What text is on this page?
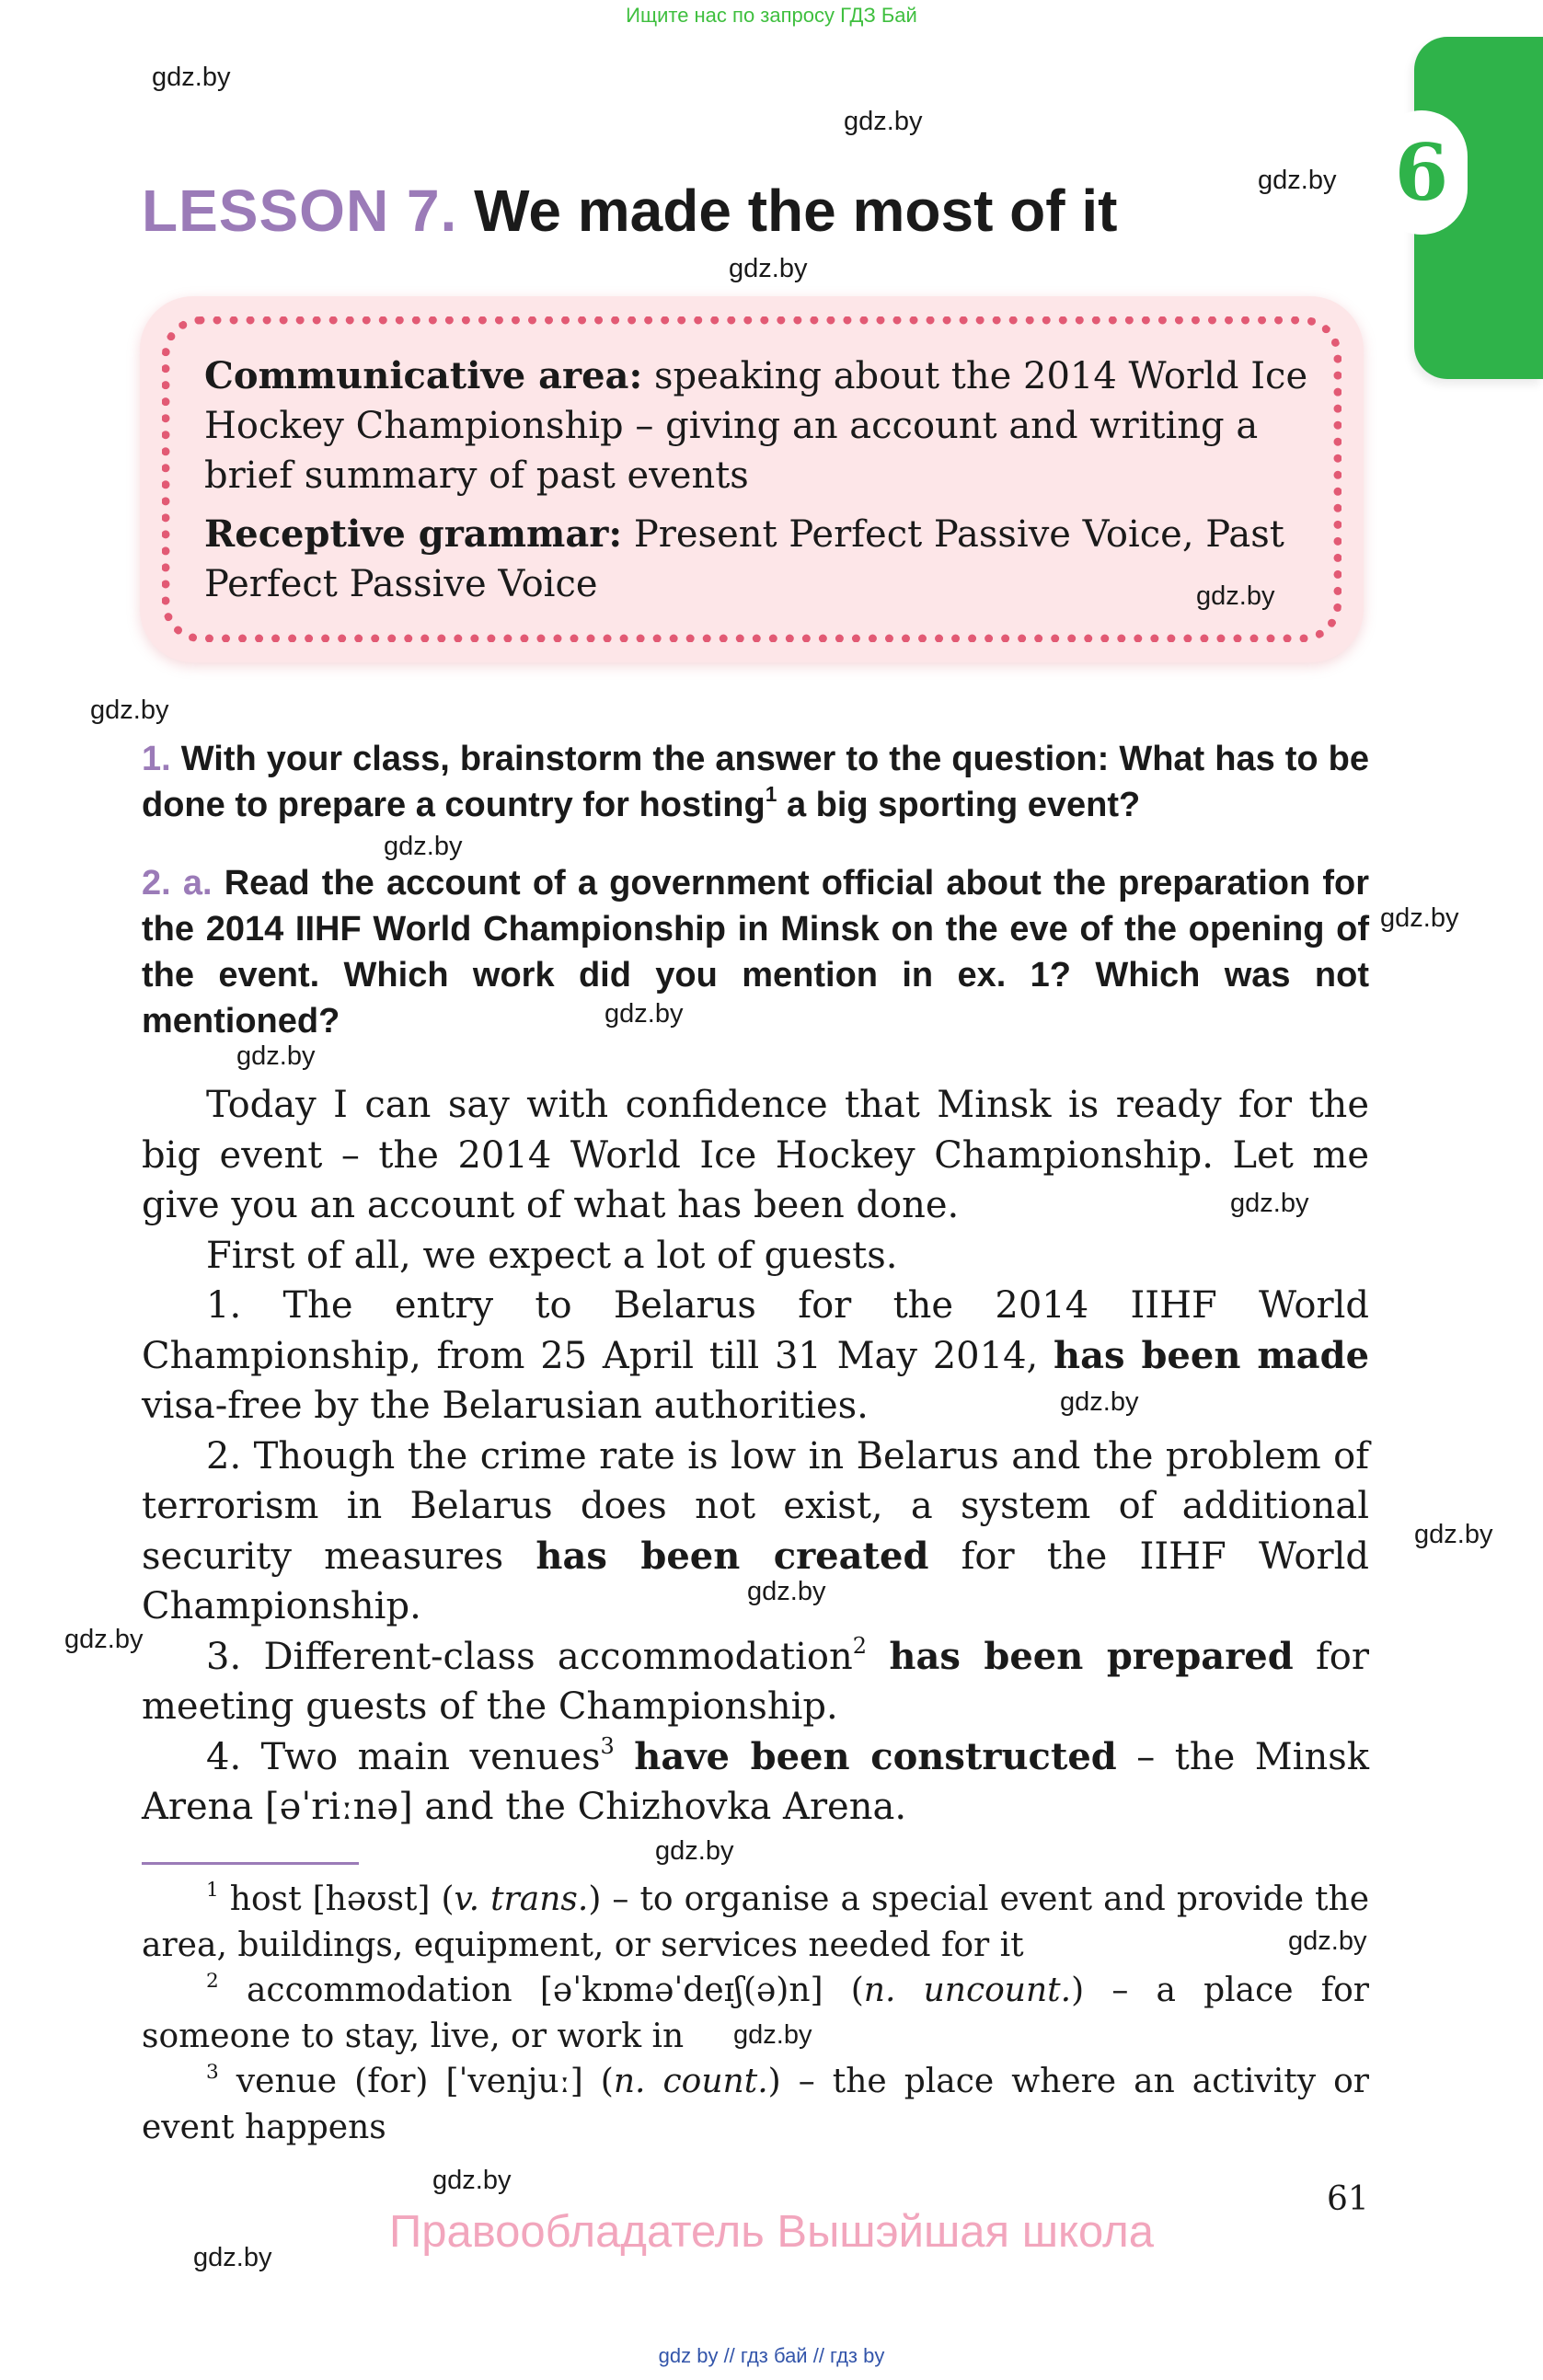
Ищите нас по запросу ГДЗ Бай
6
LESSON 7. We made the most of it
Communicative area: speaking about the 2014 World Ice Hockey Championship – giving an account and writing a brief summary of past events
Receptive grammar: Present Perfect Passive Voice, Past Perfect Passive Voice
1. With your class, brainstorm the answer to the question: What has to be done to prepare a country for hosting$^1$ a big sporting event?
2. a. Read the account of a government official about the preparation for the 2014 IIHF World Championship in Minsk on the eve of the opening of the event. Which work did you mention in ex. 1? Which was not mentioned?

Today I can say with confidence that Minsk is ready for the big event – the 2014 World Ice Hockey Championship. Let me give you an account of what has been done.

First of all, we expect a lot of guests.

1. The entry to Belarus for the 2014 IIHF World Championship, from 25 April till 31 May 2014, has been made visa-free by the Belarusian authorities.

2. Though the crime rate is low in Belarus and the problem of terrorism in Belarus does not exist, a system of additional security measures has been created for the IIHF World Championship.

3. Different-class accommodation$^2$ has been prepared for meeting guests of the Championship.

4. Two main venues$^3$ have been constructed – the Minsk Arena [əˈriːnə] and the Chizhovka Arena.

$^1$ host [həʊst] (v. trans.) – to organise a special event and provide the area, buildings, equipment, or services needed for it

$^2$ accommodation [əˈkɒməˈdeɪʃ(ə)n] (n. uncount.) – a place for someone to stay, live, or work in

$^3$ venue (for) [ˈvenjuː] (n. count.) – the place where an activity or event happens

61
Правообладатель Вышэйшая школа
gdz by // гдз бай // гдз by
gdz.by
gdz.by
gdz.by
gdz.by
gdz.by
gdz.by
gdz.by
gdz.by
gdz.by
gdz.by
gdz.by
gdz.by
gdz.by
gdz.by
gdz.by
gdz.by
gdz.by
gdz.by
gdz.by
gdz.by
